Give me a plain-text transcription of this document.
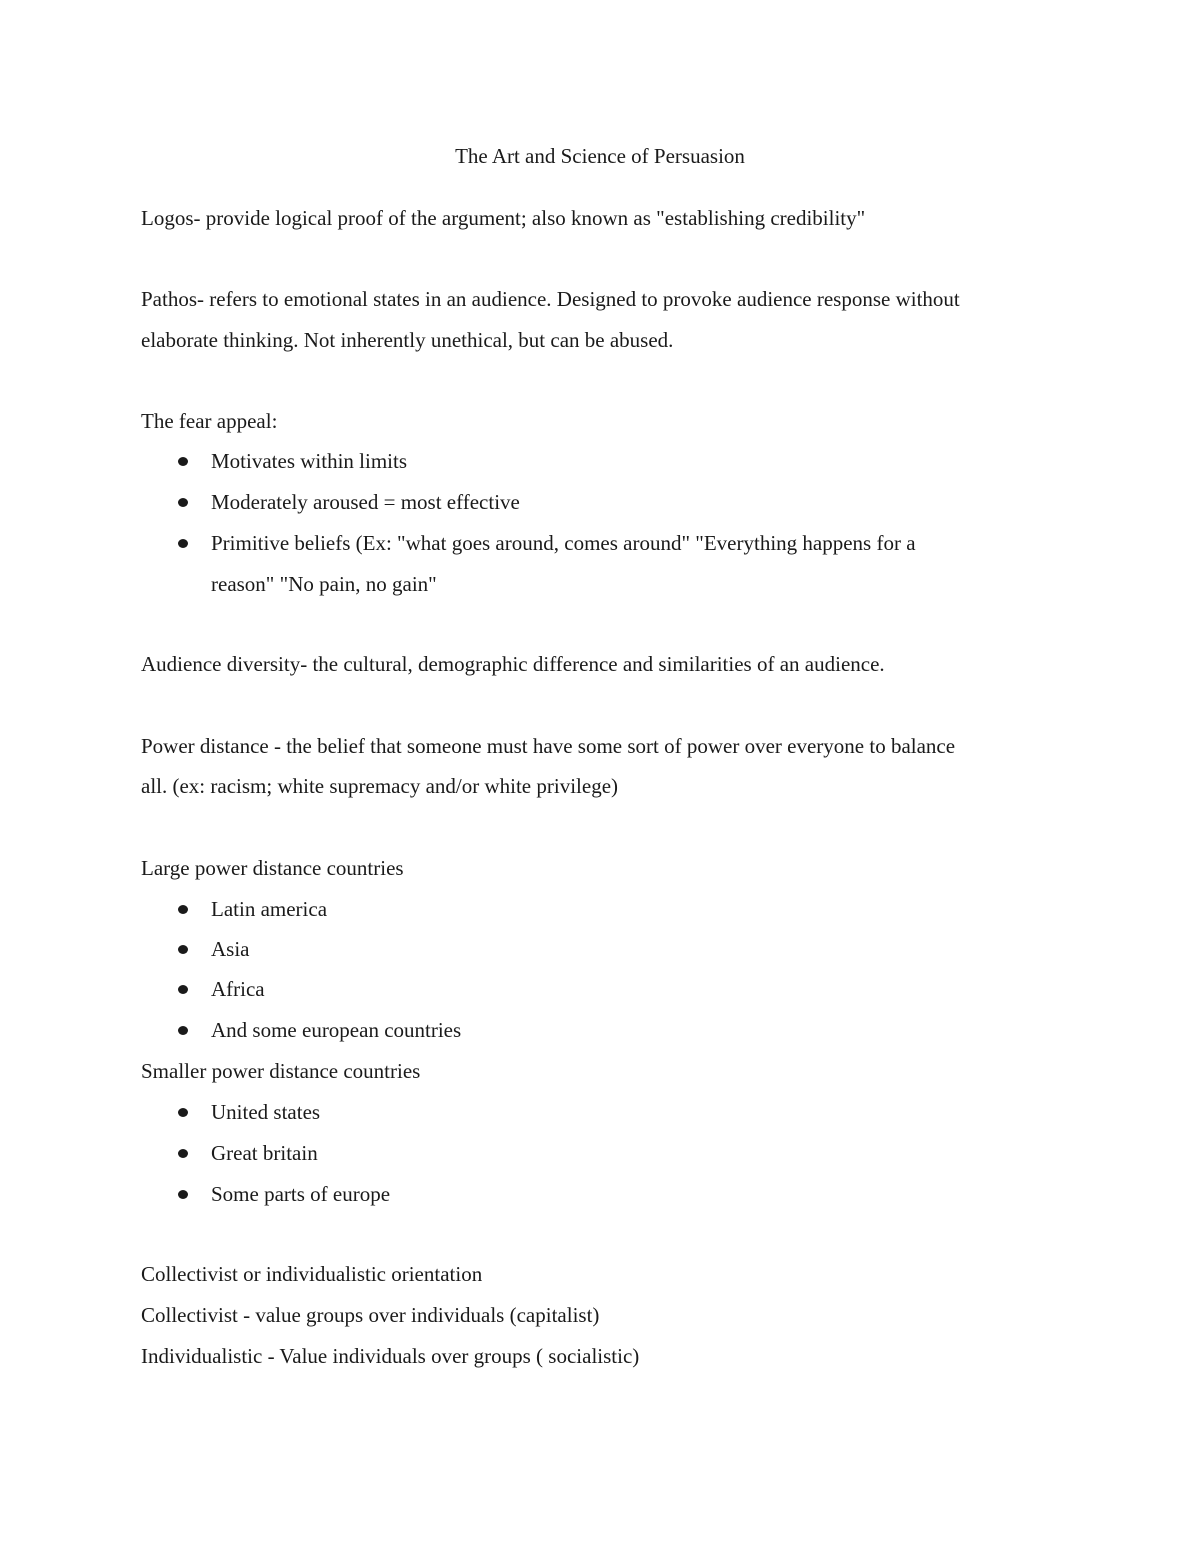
The Art and Science of Persuasion

Logos- provide logical proof of the argument; also known as "establishing credibility"

Pathos- refers to emotional states in an audience. Designed to provoke audience response without

elaborate thinking. Not inherently unethical, but can be abused.

The fear appeal:

Motivates within limits
Moderately aroused = most effective
Primitive beliefs (Ex: "what goes around, comes around" "Everything happens for a
reason" "No pain, no gain"

Audience diversity- the cultural, demographic difference and similarities of an audience.

Power distance - the belief that someone must have some sort of power over everyone to balance

all. (ex: racism; white supremacy and/or white privilege)

Large power distance countries

Latin america
Asia
Africa
And some european countries

Smaller power distance countries

United states
Great britain
Some parts of europe

Collectivist or individualistic orientation

Collectivist - value groups over individuals (capitalist)

Individualistic - Value individuals over groups ( socialistic)
